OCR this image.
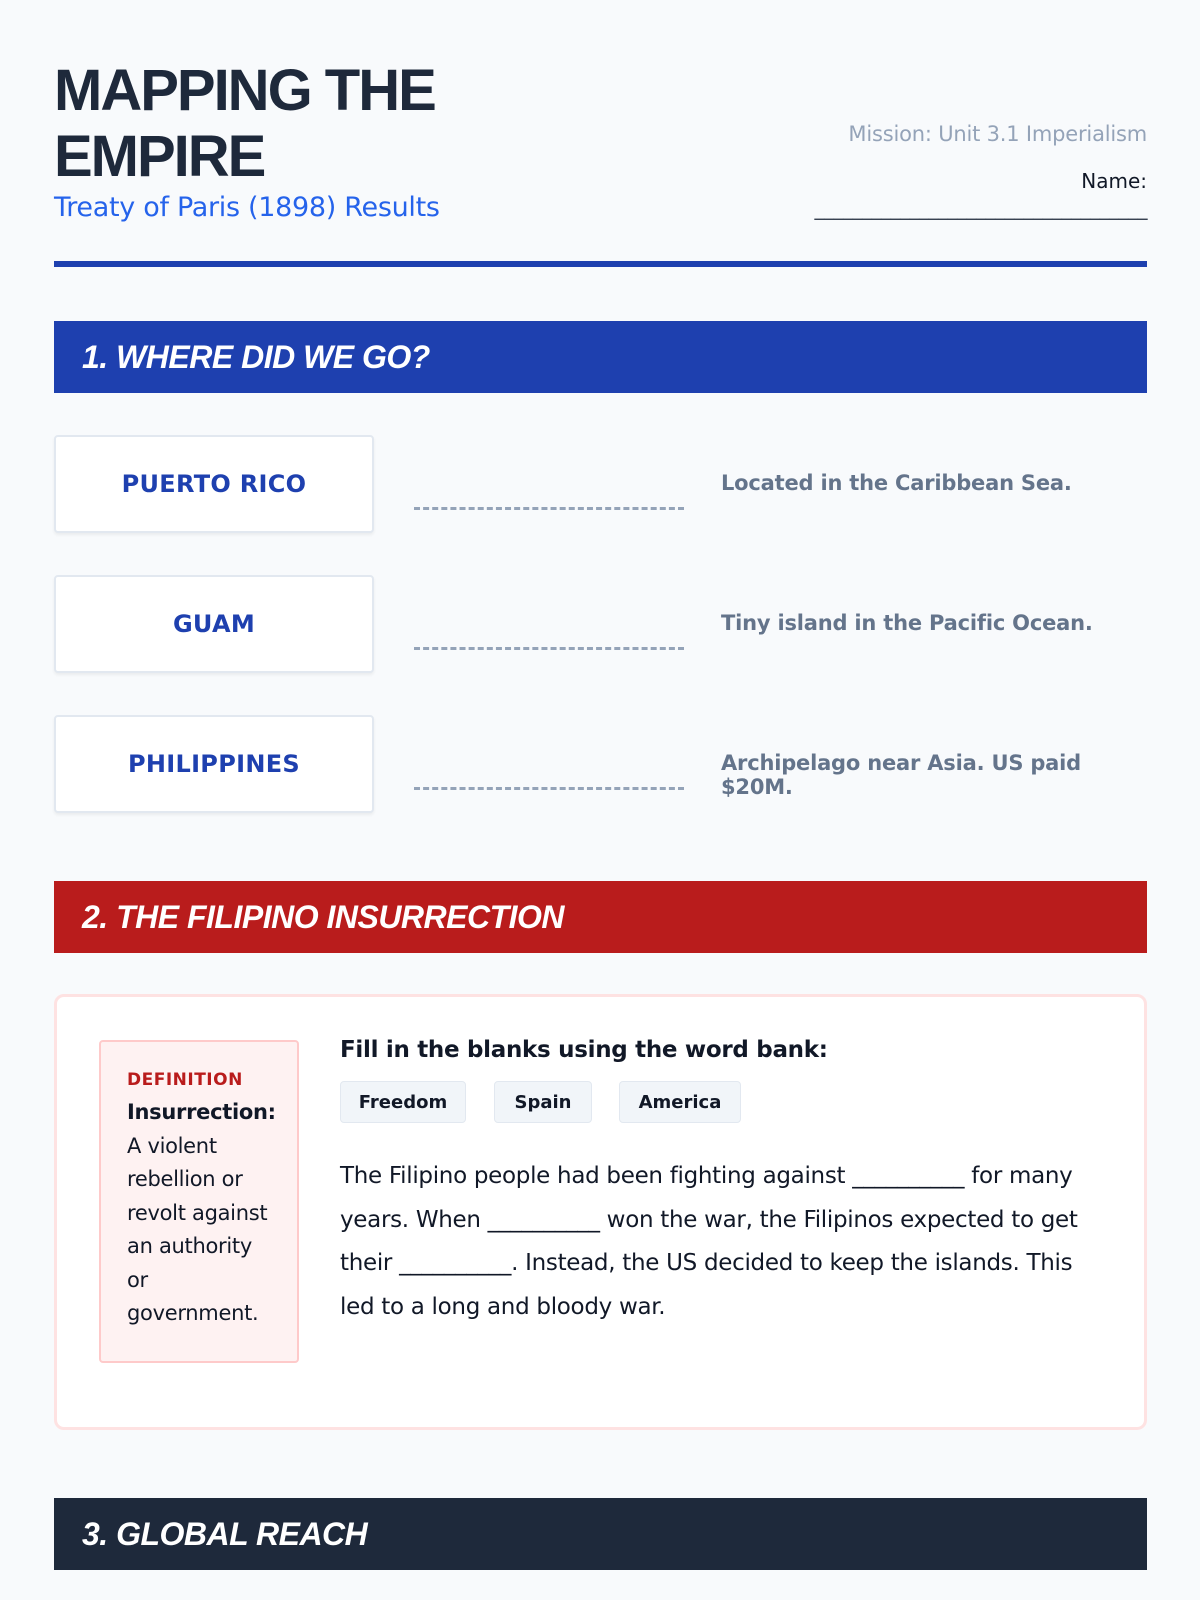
MAPPING THE
EMPIRE
Treaty of Paris (1898) Results
Mission: Unit 3.1 Imperialism
Name:
___________________________________
1. WHERE DID WE GO?
PUERTO RICO	Located in the Caribbean Sea.
GUAM	Tiny island in the Pacific Ocean.
PHILIPPINES	Archipelago near Asia. US paid $20M.
2. THE FILIPINO INSURRECTION
DEFINITION
Insurrection: A violent rebellion or revolt against an authority or government.
Fill in the blanks using the word bank:
Freedom	Spain	America
The Filipino people had been fighting against __________ for many years. When __________ won the war, the Filipinos expected to get their __________. Instead, the US decided to keep the islands. This led to a long and bloody war.
3. GLOBAL REACH
